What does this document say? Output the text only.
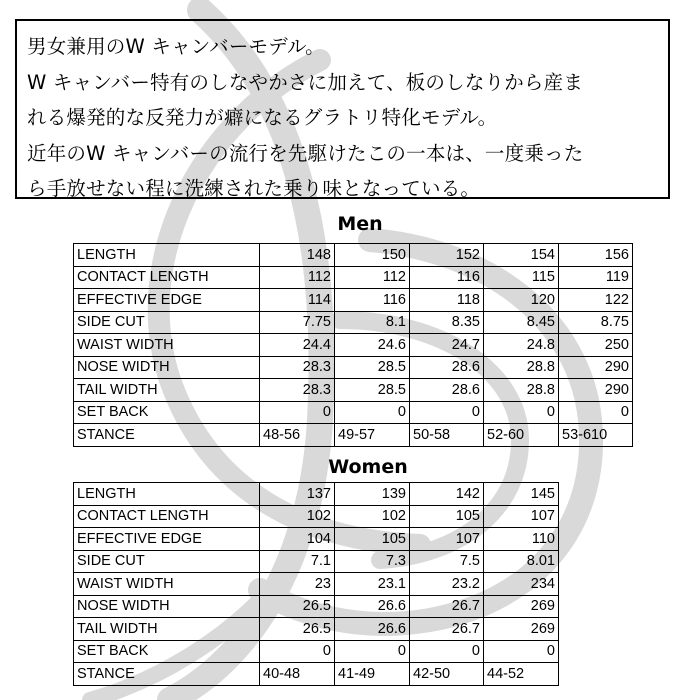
男女兼用のW キャンバーモデル。
W キャンバー特有のしなやかさに加えて、板のしなりから産ま
れる爆発的な反発力が癖になるグラトリ特化モデル。
近年のW キャンバーの流行を先駆けたこの一本は、一度乗った
ら手放せない程に洗練された乗り味となっている。
Men
LENGTH	148	150	152	154	156
CONTACT LENGTH	112	112	116	115	119
EFFECTIVE EDGE	114	116	118	120	122
SIDE CUT	7.75	8.1	8.35	8.45	8.75
WAIST WIDTH	24.4	24.6	24.7	24.8	250
NOSE WIDTH	28.3	28.5	28.6	28.8	290
TAIL WIDTH	28.3	28.5	28.6	28.8	290
SET BACK	0	0	0	0	0
STANCE	48-56	49-57	50-58	52-60	53-610
Women
LENGTH	137	139	142	145
CONTACT LENGTH	102	102	105	107
EFFECTIVE EDGE	104	105	107	110
SIDE CUT	7.1	7.3	7.5	8.01
WAIST WIDTH	23	23.1	23.2	234
NOSE WIDTH	26.5	26.6	26.7	269
TAIL WIDTH	26.5	26.6	26.7	269
SET BACK	0	0	0	0
STANCE	40-48	41-49	42-50	44-52
